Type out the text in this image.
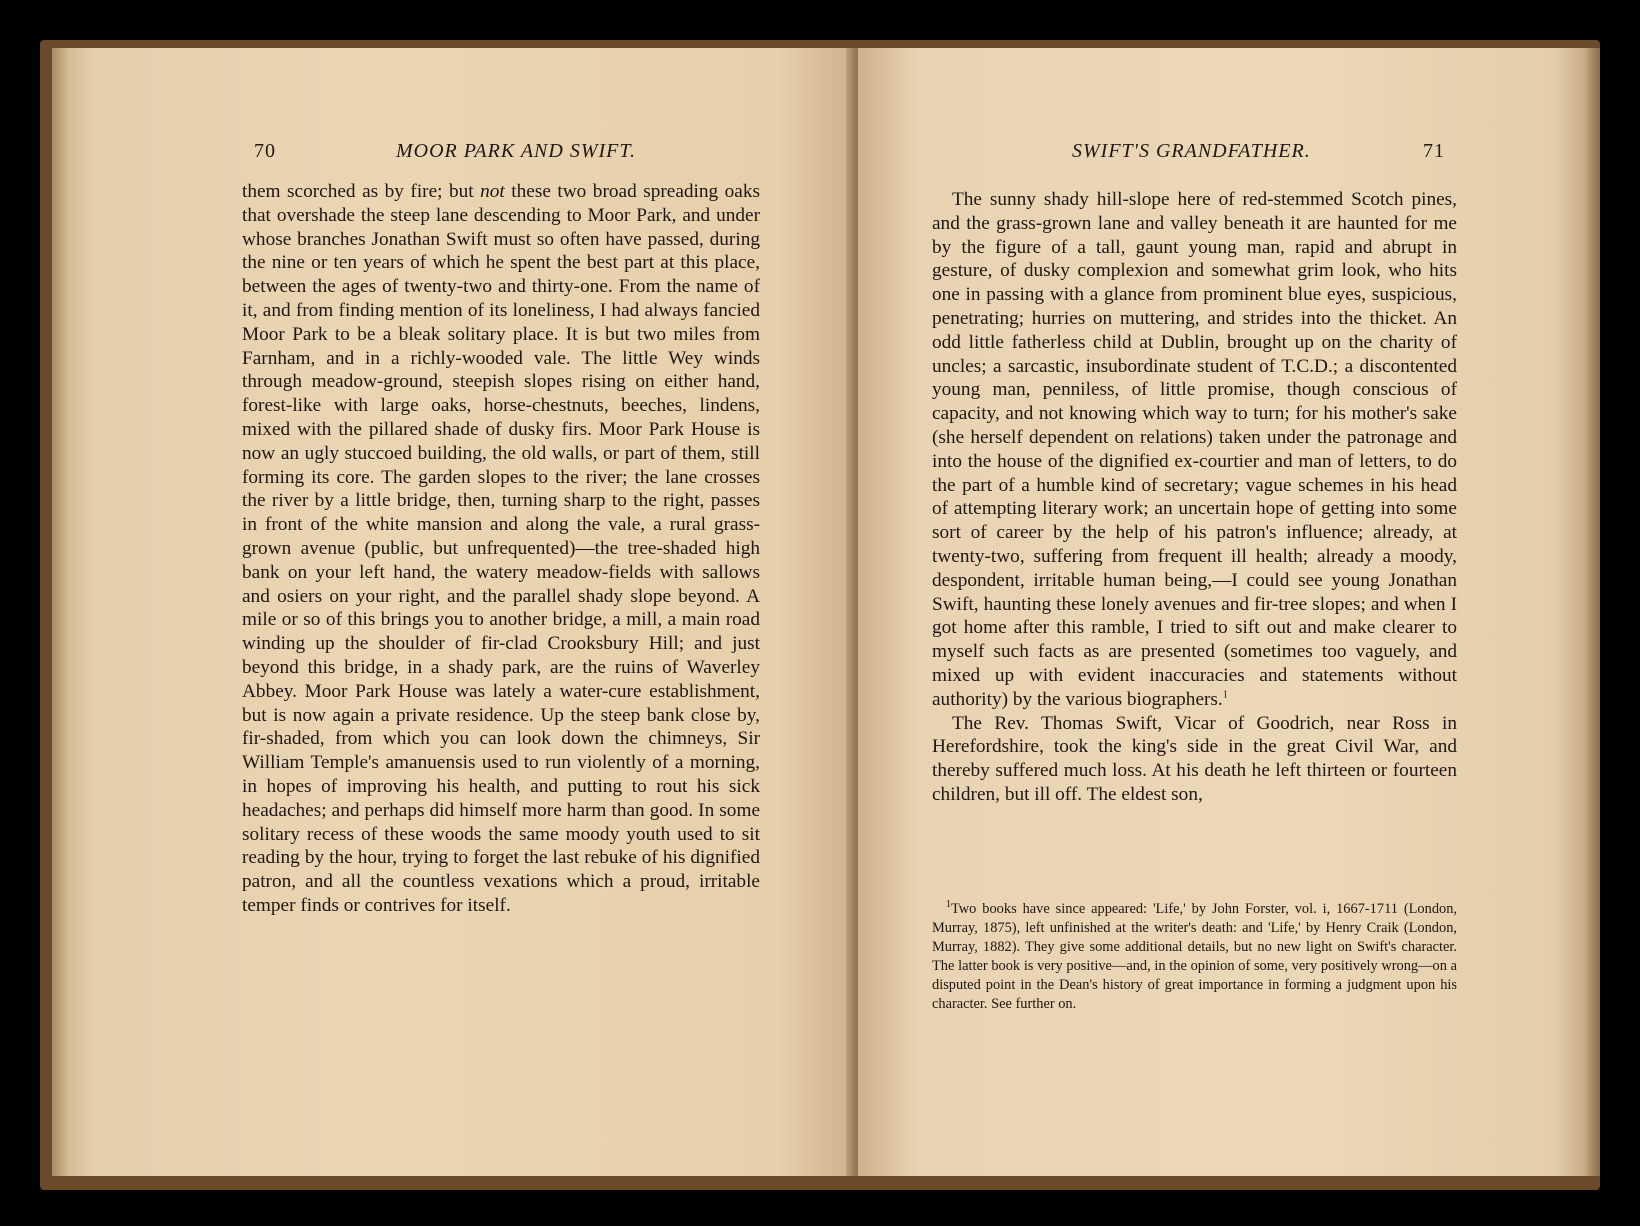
70	MOOR PARK AND SWIFT.

them scorched as by fire; but not these two broad spreading oaks that overshade the steep lane descending to Moor Park, and under whose branches Jonathan Swift must so often have passed, during the nine or ten years of which he spent the best part at this place, between the ages of twenty-two and thirty-one. From the name of it, and from finding mention of its loneliness, I had always fancied Moor Park to be a bleak solitary place. It is but two miles from Farnham, and in a richly-wooded vale. The little Wey winds through meadow-ground, steepish slopes rising on either hand, forest-like with large oaks, horse-chestnuts, beeches, lindens, mixed with the pillared shade of dusky firs. Moor Park House is now an ugly stuccoed building, the old walls, or part of them, still forming its core. The garden slopes to the river; the lane crosses the river by a little bridge, then, turning sharp to the right, passes in front of the white mansion and along the vale, a rural grass-grown avenue (public, but unfrequented)—the tree-shaded high bank on your left hand, the watery meadow-fields with sallows and osiers on your right, and the parallel shady slope beyond. A mile or so of this brings you to another bridge, a mill, a main road winding up the shoulder of fir-clad Crooksbury Hill; and just beyond this bridge, in a shady park, are the ruins of Waverley Abbey. Moor Park House was lately a water-cure establishment, but is now again a private residence. Up the steep bank close by, fir-shaded, from which you can look down the chimneys, Sir William Temple's amanuensis used to run violently of a morning, in hopes of improving his health, and putting to rout his sick headaches; and perhaps did himself more harm than good. In some solitary recess of these woods the same moody youth used to sit reading by the hour, trying to forget the last rebuke of his dignified patron, and all the countless vexations which a proud, irritable temper finds or contrives for itself.

SWIFT'S GRANDFATHER.	71

The sunny shady hill-slope here of red-stemmed Scotch pines, and the grass-grown lane and valley beneath it are haunted for me by the figure of a tall, gaunt young man, rapid and abrupt in gesture, of dusky complexion and somewhat grim look, who hits one in passing with a glance from prominent blue eyes, suspicious, penetrating; hurries on muttering, and strides into the thicket. An odd little fatherless child at Dublin, brought up on the charity of uncles; a sarcastic, insubordinate student of T.C.D.; a discontented young man, penniless, of little promise, though conscious of capacity, and not knowing which way to turn; for his mother's sake (she herself dependent on relations) taken under the patronage and into the house of the dignified ex-courtier and man of letters, to do the part of a humble kind of secretary; vague schemes in his head of attempting literary work; an uncertain hope of getting into some sort of career by the help of his patron's influence; already, at twenty-two, suffering from frequent ill health; already a moody, despondent, irritable human being,—I could see young Jonathan Swift, haunting these lonely avenues and fir-tree slopes; and when I got home after this ramble, I tried to sift out and make clearer to myself such facts as are presented (sometimes too vaguely, and mixed up with evident inaccuracies and statements without authority) by the various biographers.$^1$

The Rev. Thomas Swift, Vicar of Goodrich, near Ross in Herefordshire, took the king's side in the great Civil War, and thereby suffered much loss. At his death he left thirteen or fourteen children, but ill off. The eldest son,

$^1$Two books have since appeared: 'Life,' by John Forster, vol. i, 1667-1711 (London, Murray, 1875), left unfinished at the writer's death: and 'Life,' by Henry Craik (London, Murray, 1882). They give some additional details, but no new light on Swift's character. The latter book is very positive—and, in the opinion of some, very positively wrong—on a disputed point in the Dean's history of great importance in forming a judgment upon his character. See further on.
